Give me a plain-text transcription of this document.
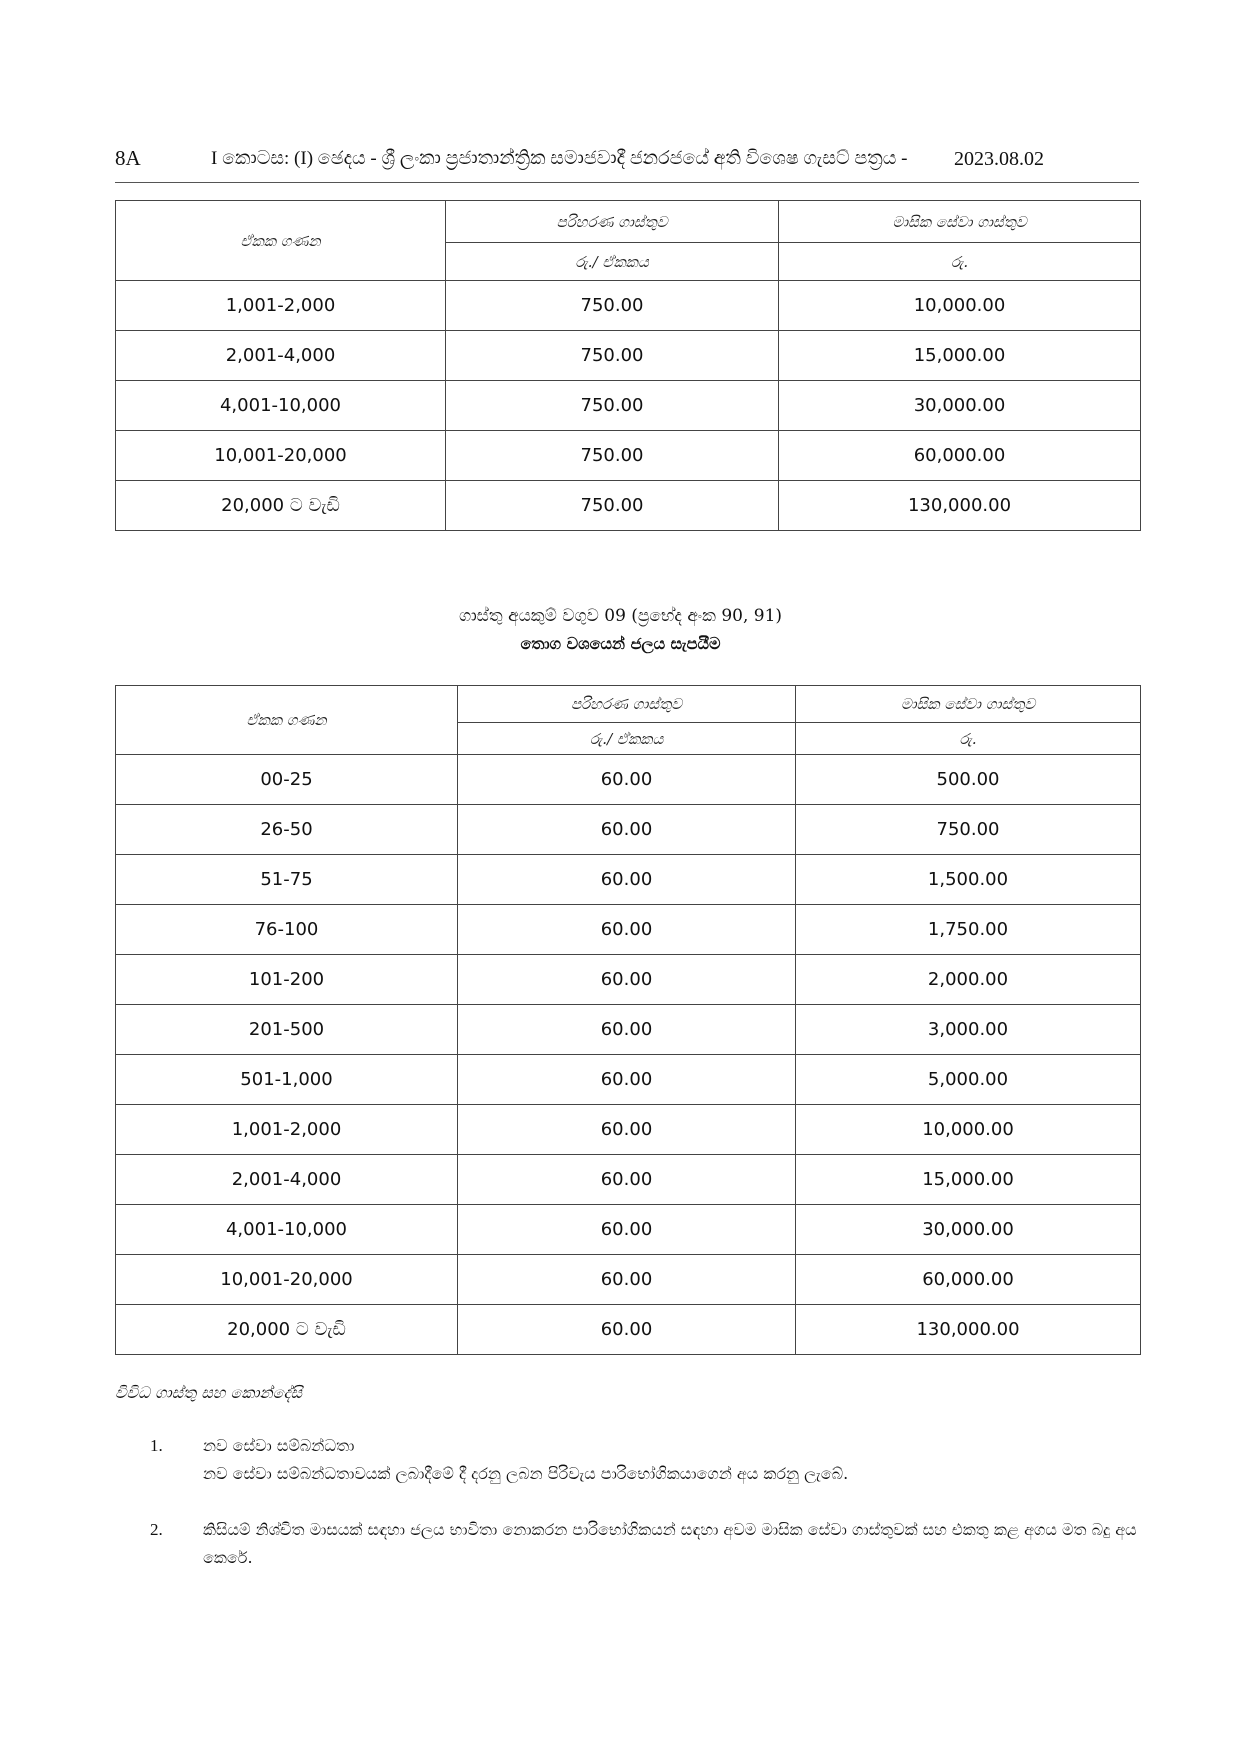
8A	I කොටස: (I) ඡෙදය - ශ්‍රී ලංකා ප්‍රජාතාන්ත්‍රික සමාජවාදී ජනරජයේ අති විශෙෂ ගැසට් පත්‍රය - 2023.08.02
ඒකක ගණන	පරිහරණ ගාස්තුව	මාසික සේවා ගාස්තුව
	රු./ ඒකකය	රු.
1,001-2,000	750.00	10,000.00
2,001-4,000	750.00	15,000.00
4,001-10,000	750.00	30,000.00
10,001-20,000	750.00	60,000.00
20,000 ට වැඩි	750.00	130,000.00
ගාස්තු අයකුම් වගුව 09 (ප්‍රභේද අංක 90, 91)
තොග වශයෙන් ජලය සැපයීම
ඒකක ගණන	පරිහරණ ගාස්තුව	මාසික සේවා ගාස්තුව
	රු./ ඒකකය	රු.
00-25	60.00	500.00
26-50	60.00	750.00
51-75	60.00	1,500.00
76-100	60.00	1,750.00
101-200	60.00	2,000.00
201-500	60.00	3,000.00
501-1,000	60.00	5,000.00
1,001-2,000	60.00	10,000.00
2,001-4,000	60.00	15,000.00
4,001-10,000	60.00	30,000.00
10,001-20,000	60.00	60,000.00
20,000 ට වැඩි	60.00	130,000.00
විවිධ ගාස්තු සහ කොන්දේසි
1.	නව සේවා සම්බන්ධතා
නව සේවා සම්බන්ධතාවයක් ලබාදීමේ දී දරනු ලබන පිරිවැය පාරිභෝගිකයාගෙන් අය කරනු ලැබේ.
2.	කිසියම් නිශ්චිත මාසයක් සඳහා ජලය භාවිතා නොකරන පාරිභෝගිකයන් සඳහා අවම මාසික සේවා ගාස්තුවක් සහ එකතු කළ අගය මත බදු අය කෙරේ.
